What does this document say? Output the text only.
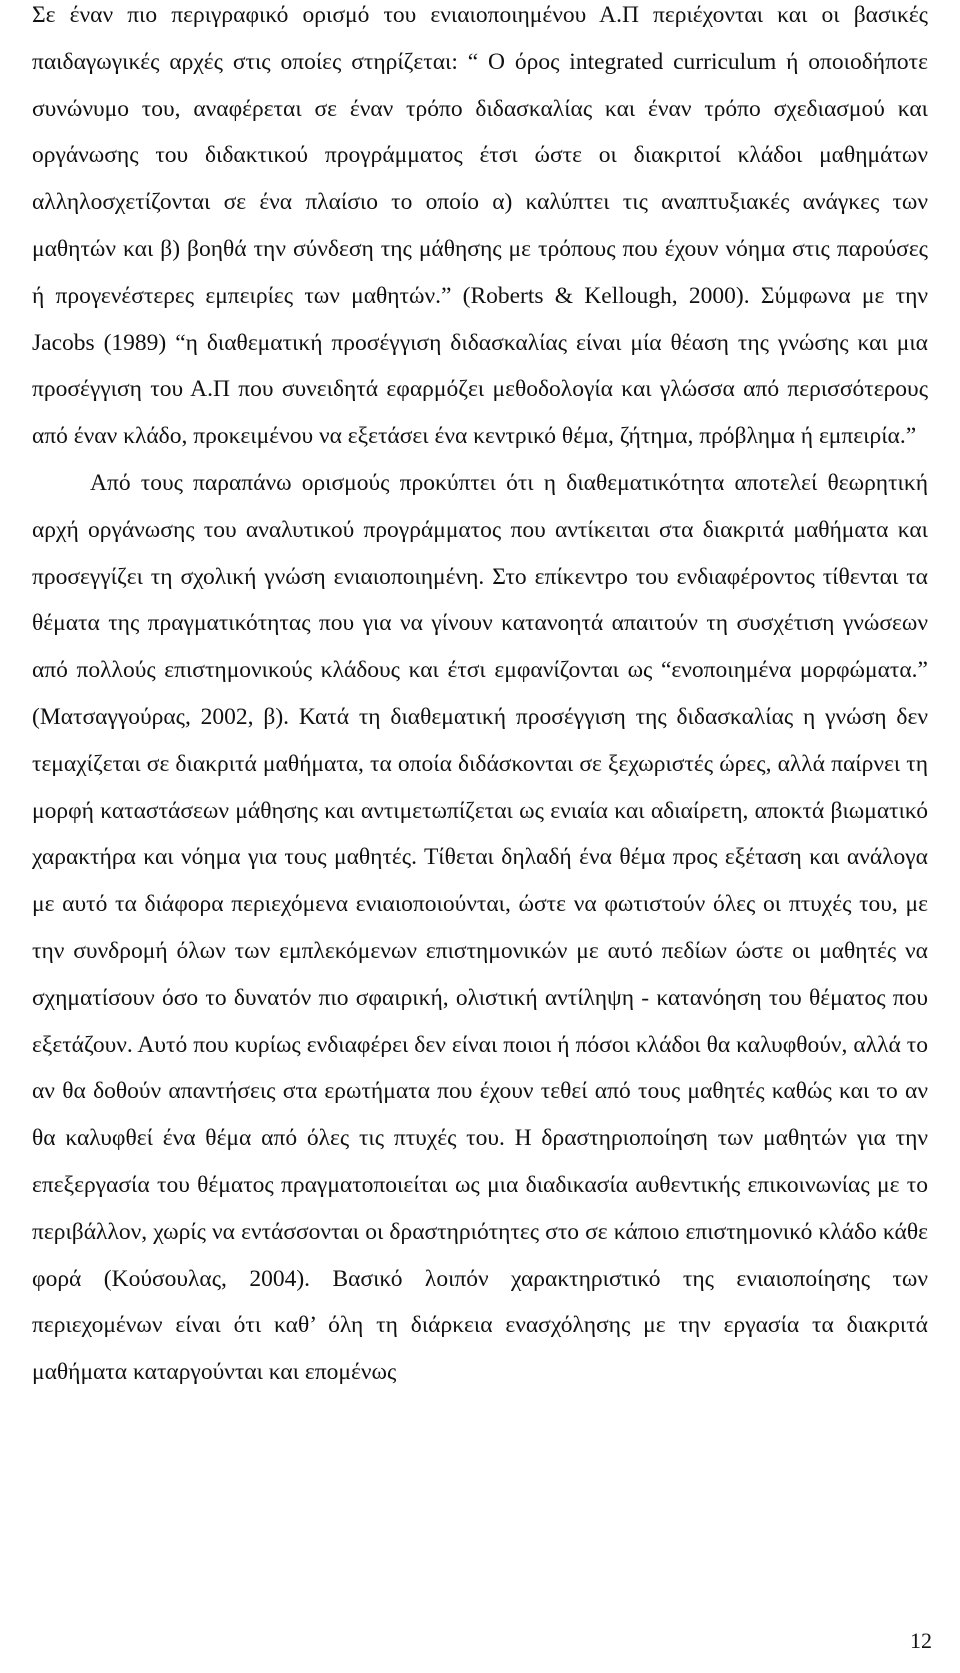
Σε έναν πιο περιγραφικό ορισμό του ενιαιοποιημένου Α.Π περιέχονται και οι βασικές παιδαγωγικές αρχές στις οποίες στηρίζεται: “ Ο όρος integrated curriculum ή οποιοδήποτε συνώνυμο του, αναφέρεται σε έναν τρόπο διδασκαλίας και έναν τρόπο σχεδιασμού και οργάνωσης του διδακτικού προγράμματος έτσι ώστε οι διακριτοί κλάδοι μαθημάτων αλληλοσχετίζονται σε ένα πλαίσιο το οποίο α) καλύπτει τις αναπτυξιακές ανάγκες των μαθητών και β) βοηθά την σύνδεση της μάθησης με τρόπους που έχουν νόημα στις παρούσες ή προγενέστερες εμπειρίες των μαθητών.” (Roberts & Kellough, 2000). Σύμφωνα με την Jacobs (1989) “η διαθεματική προσέγγιση διδασκαλίας είναι μία θέαση της γνώσης και μια προσέγγιση του Α.Π που συνειδητά εφαρμόζει μεθοδολογία και γλώσσα από περισσότερους από έναν κλάδο, προκειμένου να εξετάσει ένα κεντρικό θέμα, ζήτημα, πρόβλημα ή εμπειρία.”

Από τους παραπάνω ορισμούς προκύπτει ότι η διαθεματικότητα αποτελεί θεωρητική αρχή οργάνωσης του αναλυτικού προγράμματος που αντίκειται στα διακριτά μαθήματα και προσεγγίζει τη σχολική γνώση ενιαιοποιημένη. Στο επίκεντρο του ενδιαφέροντος τίθενται τα θέματα της πραγματικότητας που για να γίνουν κατανοητά απαιτούν τη συσχέτιση γνώσεων από πολλούς επιστημονικούς κλάδους και έτσι εμφανίζονται ως “ενοποιημένα μορφώματα.” (Ματσαγγούρας, 2002, β). Κατά τη διαθεματική προσέγγιση της διδασκαλίας η γνώση δεν τεμαχίζεται σε διακριτά μαθήματα, τα οποία διδάσκονται σε ξεχωριστές ώρες, αλλά παίρνει τη μορφή καταστάσεων μάθησης και αντιμετωπίζεται ως ενιαία και αδιαίρετη, αποκτά βιωματικό χαρακτήρα και νόημα για τους μαθητές. Τίθεται δηλαδή ένα θέμα προς εξέταση και ανάλογα με αυτό τα διάφορα περιεχόμενα ενιαιοποιούνται, ώστε να φωτιστούν όλες οι πτυχές του, με την συνδρομή όλων των εμπλεκόμενων επιστημονικών με αυτό πεδίων ώστε οι μαθητές να σχηματίσουν όσο το δυνατόν πιο σφαιρική, ολιστική αντίληψη - κατανόηση του θέματος που εξετάζουν. Αυτό που κυρίως ενδιαφέρει δεν είναι ποιοι ή πόσοι κλάδοι θα καλυφθούν, αλλά το αν θα δοθούν απαντήσεις στα ερωτήματα που έχουν τεθεί από τους μαθητές καθώς και το αν θα καλυφθεί ένα θέμα από όλες τις πτυχές του. Η δραστηριοποίηση των μαθητών για την επεξεργασία του θέματος πραγματοποιείται ως μια διαδικασία αυθεντικής επικοινωνίας με το περιβάλλον, χωρίς να εντάσσονται οι δραστηριότητες στο σε κάποιο επιστημονικό κλάδο κάθε φορά (Κούσουλας, 2004). Βασικό λοιπόν χαρακτηριστικό της ενιαιοποίησης των περιεχομένων είναι ότι καθ’ όλη τη διάρκεια ενασχόλησης με την εργασία τα διακριτά μαθήματα καταργούνται και επομένως

12
